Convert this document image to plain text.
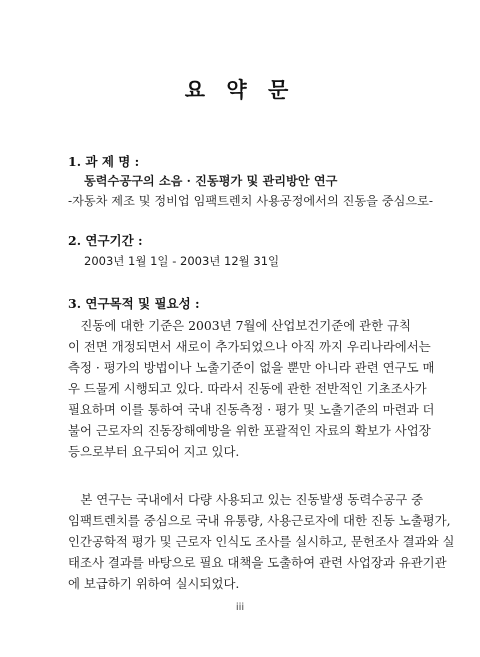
요 약 문
1. 과 제 명 :
동력수공구의 소음 · 진동평가 및 관리방안 연구
-자동차 제조 및 정비업 임팩트렌치 사용공정에서의 진동을 중심으로-
2. 연구기간 :
2003년 1월 1일 - 2003년 12월 31일
3. 연구목적 및 필요성 :
　진동에 대한 기준은 2003년 7월에 산업보건기준에 관한 규칙
이 전면 개정되면서 새로이 추가되었으나 아직 까지 우리나라에서는
측정 · 평가의 방법이나 노출기준이 없을 뿐만 아니라 관련 연구도 매
우 드물게 시행되고 있다. 따라서 진동에 관한 전반적인 기초조사가
필요하며 이를 통하여 국내 진동측정 · 평가 및 노출기준의 마련과 더
불어 근로자의 진동장해예방을 위한 포괄적인 자료의 확보가 사업장
등으로부터 요구되어 지고 있다.
　본 연구는 국내에서 다량 사용되고 있는 진동발생 동력수공구 중
임팩트렌치를 중심으로 국내 유통량, 사용근로자에 대한 진동 노출평가,
인간공학적 평가 및 근로자 인식도 조사를 실시하고, 문헌조사 결과와 실
태조사 결과를 바탕으로 필요 대책을 도출하여 관련 사업장과 유관기관
에 보급하기 위하여 실시되었다.
iii
